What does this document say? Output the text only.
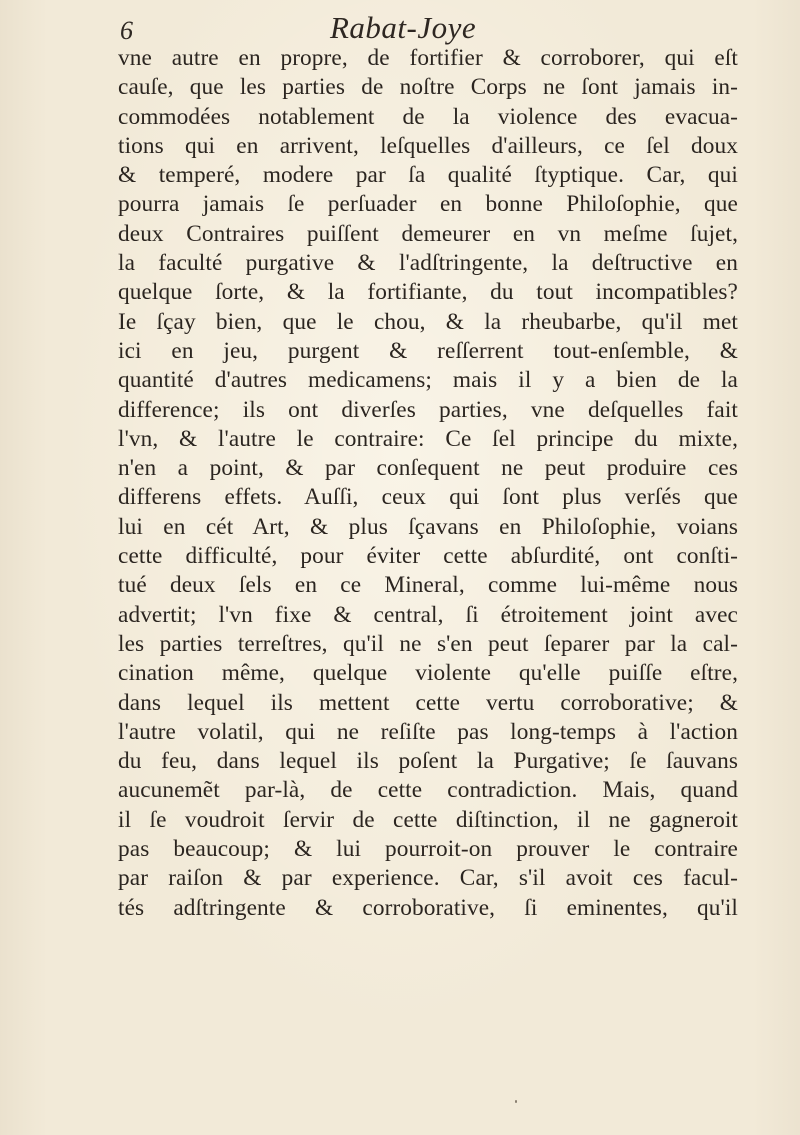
6	Rabat-Joye
vne autre en propre, de fortifier & corroborer, qui eſt
cauſe, que les parties de noſtre Corps ne ſont jamais in-
commodées notablement de la violence des evacua-
tions qui en arrivent, leſquelles d'ailleurs, ce ſel doux
& temperé, modere par ſa qualité ſtyptique. Car, qui
pourra jamais ſe perſuader en bonne Philoſophie, que
deux Contraires puiſſent demeurer en vn meſme ſujet,
la faculté purgative & l'adſtringente, la deſtructive en
quelque ſorte, & la fortifiante, du tout incompatibles?
Ie ſçay bien, que le chou, & la rheubarbe, qu'il met
ici en jeu, purgent & reſſerrent tout-enſemble, &
quantité d'autres medicamens; mais il y a bien de la
difference; ils ont diverſes parties, vne deſquelles fait
l'vn, & l'autre le contraire: Ce ſel principe du mixte,
n'en a point, & par conſequent ne peut produire ces
differens effets. Auſſi, ceux qui ſont plus verſés que
lui en cét Art, & plus ſçavans en Philoſophie, voians
cette difficulté, pour éviter cette abſurdité, ont conſti-
tué deux ſels en ce Mineral, comme lui-même nous
advertit; l'vn fixe & central, ſi étroitement joint avec
les parties terreſtres, qu'il ne s'en peut ſeparer par la cal-
cination même, quelque violente qu'elle puiſſe eſtre,
dans lequel ils mettent cette vertu corroborative; &
l'autre volatil, qui ne reſiſte pas long-temps à l'action
du feu, dans lequel ils poſent la Purgative; ſe ſauvans
aucunemẽt par-là, de cette contradiction. Mais, quand
il ſe voudroit ſervir de cette diſtinction, il ne gagneroit
pas beaucoup; & lui pourroit-on prouver le contraire
par raiſon & par experience. Car, s'il avoit ces facul-
tés adſtringente & corroborative, ſi eminentes, qu'il
